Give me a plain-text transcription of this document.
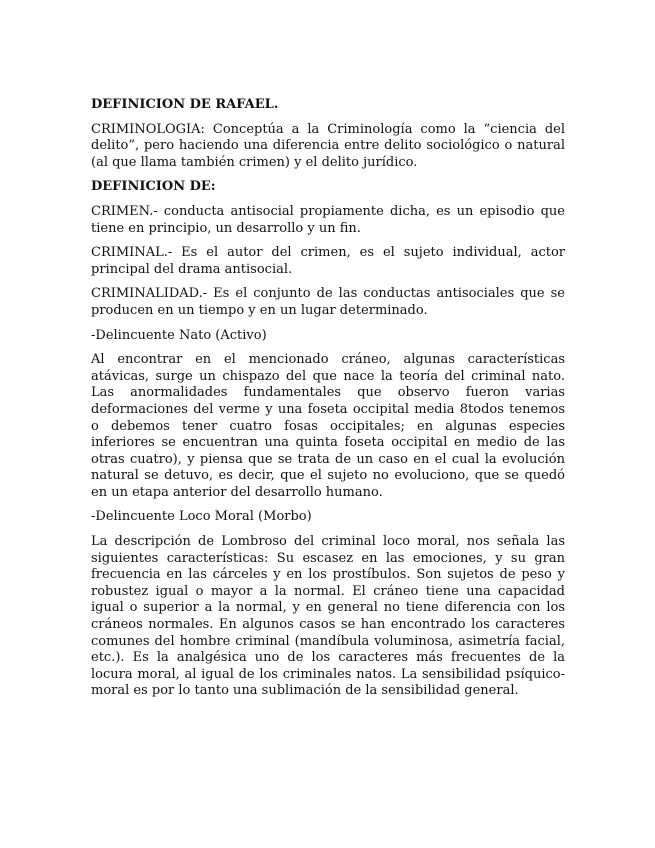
DEFINICION DE RAFAEL.

CRIMINOLOGIA: Conceptúa a la Criminología como la “ciencia del delito”, pero haciendo una diferencia entre delito sociológico o natural (al que llama también crimen) y el delito jurídico.

DEFINICION DE:

CRIMEN.- conducta antisocial propiamente dicha, es un episodio que tiene en principio, un desarrollo y un fin.

CRIMINAL.- Es el autor del crimen, es el sujeto individual, actor principal del drama antisocial.

CRIMINALIDAD.- Es el conjunto de las conductas antisociales que se producen en un tiempo y en un lugar determinado.

-Delincuente Nato (Activo)

Al encontrar en el mencionado cráneo, algunas características atávicas, surge un chispazo del que nace la teoría del criminal nato. Las anormalidades fundamentales que observo fueron varias deformaciones del verme y una foseta occipital media 8todos tenemos o debemos tener cuatro fosas occipitales; en algunas especies inferiores se encuentran una quinta foseta occipital en medio de las otras cuatro), y piensa que se trata de un caso en el cual la evolución natural se detuvo, es decir, que el sujeto no evoluciono, que se quedó en un etapa anterior del desarrollo humano.

-Delincuente Loco Moral (Morbo)

La descripción de Lombroso del criminal loco moral, nos señala las siguientes características: Su escasez en las emociones, y su gran frecuencia en las cárceles y en los prostíbulos. Son sujetos de peso y robustez igual o mayor a la normal. El cráneo tiene una capacidad igual o superior a la normal, y en general no tiene diferencia con los cráneos normales. En algunos casos se han encontrado los caracteres comunes del hombre criminal (mandíbula voluminosa, asimetría facial, etc.). Es la analgésica uno de los caracteres más frecuentes de la locura moral, al igual de los criminales natos. La sensibilidad psíquico-moral es por lo tanto una sublimación de la sensibilidad general.
